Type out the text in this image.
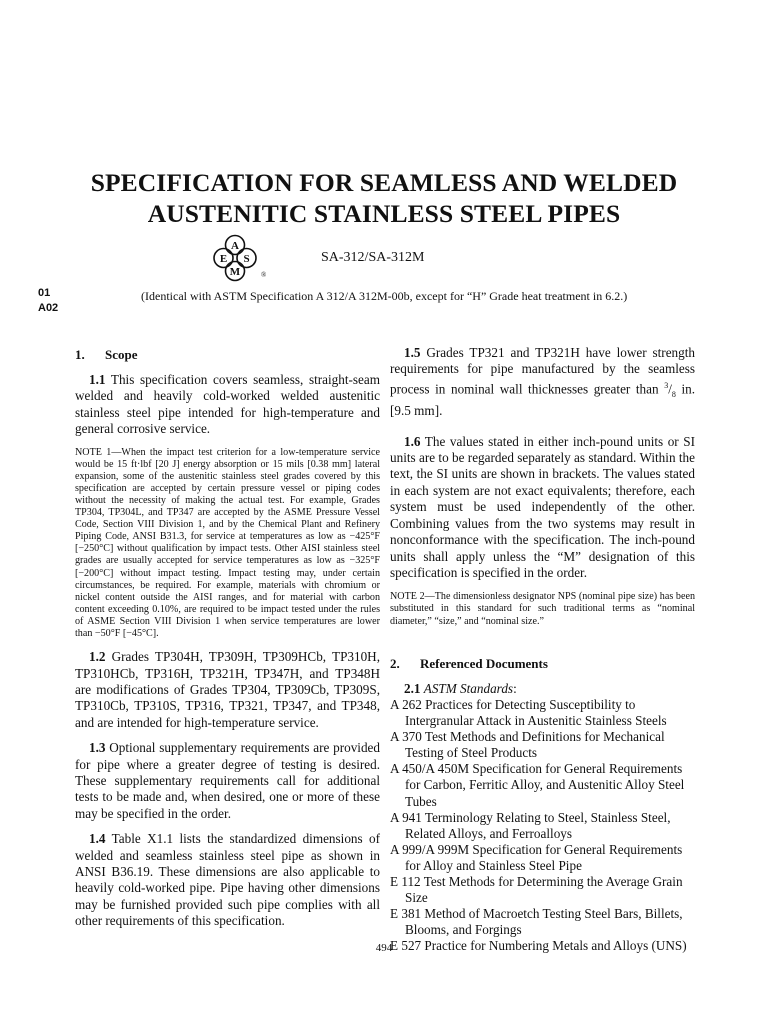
SPECIFICATION FOR SEAMLESS AND WELDED
AUSTENITIC STAINLESS STEEL PIPES
A
E S
M	®
SA-312/SA-312M
01
A02
(Identical with ASTM Specification A 312/A 312M-00b, except for “H” Grade heat treatment in 6.2.)

1. Scope

1.1 This specification covers seamless, straight-seam welded and heavily cold-worked welded austenitic stainless steel pipe intended for high-temperature and general corrosive service.

NOTE 1—When the impact test criterion for a low-temperature service would be 15 ft·lbf [20 J] energy absorption or 15 mils [0.38 mm] lateral expansion, some of the austenitic stainless steel grades covered by this specification are accepted by certain pressure vessel or piping codes without the necessity of making the actual test. For example, Grades TP304, TP304L, and TP347 are accepted by the ASME Pressure Vessel Code, Section VIII Division 1, and by the Chemical Plant and Refinery Piping Code, ANSI B31.3, for service at temperatures as low as −425°F [−250°C] without qualification by impact tests. Other AISI stainless steel grades are usually accepted for service temperatures as low as −325°F [−200°C] without impact testing. Impact testing may, under certain circumstances, be required. For example, materials with chromium or nickel content outside the AISI ranges, and for material with carbon content exceeding 0.10%, are required to be impact tested under the rules of ASME Section VIII Division 1 when service temperatures are lower than −50°F [−45°C].

1.2 Grades TP304H, TP309H, TP309HCb, TP310H, TP310HCb, TP316H, TP321H, TP347H, and TP348H are modifications of Grades TP304, TP309Cb, TP309S, TP310Cb, TP310S, TP316, TP321, TP347, and TP348, and are intended for high-temperature service.

1.3 Optional supplementary requirements are provided for pipe where a greater degree of testing is desired. These supplementary requirements call for additional tests to be made and, when desired, one or more of these may be specified in the order.

1.4 Table X1.1 lists the standardized dimensions of welded and seamless stainless steel pipe as shown in ANSI B36.19. These dimensions are also applicable to heavily cold-worked pipe. Pipe having other dimensions may be furnished provided such pipe complies with all other requirements of this specification.

1.5 Grades TP321 and TP321H have lower strength requirements for pipe manufactured by the seamless process in nominal wall thicknesses greater than $^3/_8$ in. [9.5 mm].

1.6 The values stated in either inch-pound units or SI units are to be regarded separately as standard. Within the text, the SI units are shown in brackets. The values stated in each system are not exact equivalents; therefore, each system must be used independently of the other. Combining values from the two systems may result in nonconformance with the specification. The inch-pound units shall apply unless the “M” designation of this specification is specified in the order.

NOTE 2—The dimensionless designator NPS (nominal pipe size) has been substituted in this standard for such traditional terms as “nominal diameter,” “size,” and “nominal size.”

2. Referenced Documents

2.1 ASTM Standards:

A 262 Practices for Detecting Susceptibility to Intergranular Attack in Austenitic Stainless Steels
A 370 Test Methods and Definitions for Mechanical Testing of Steel Products
A 450/A 450M Specification for General Requirements for Carbon, Ferritic Alloy, and Austenitic Alloy Steel Tubes
A 941 Terminology Relating to Steel, Stainless Steel, Related Alloys, and Ferroalloys
A 999/A 999M Specification for General Requirements for Alloy and Stainless Steel Pipe
E 112 Test Methods for Determining the Average Grain Size
E 381 Method of Macroetch Testing Steel Bars, Billets, Blooms, and Forgings
E 527 Practice for Numbering Metals and Alloys (UNS)
494
